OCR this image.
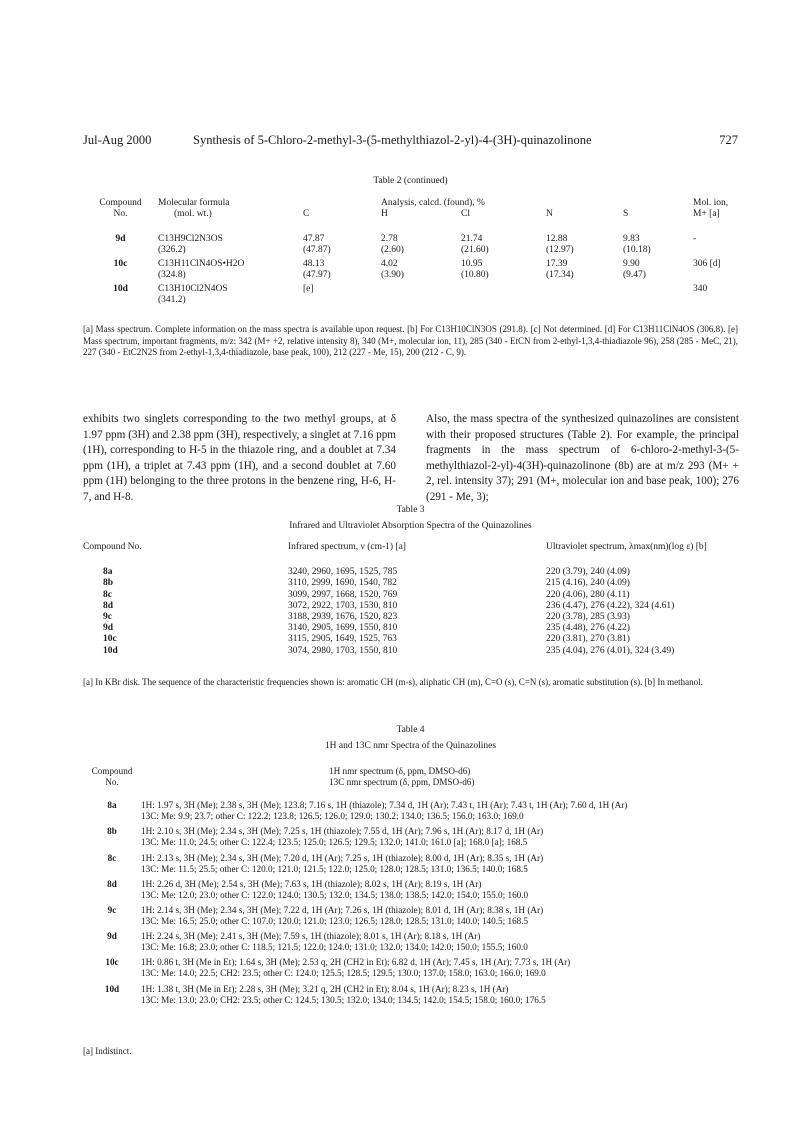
Jul-Aug 2000	Synthesis of 5-Chloro-2-methyl-3-(5-methylthiazol-2-yl)-4-(3H)-quinazolinone	727
Table 2 (continued)
Compound	Molecular formula		Analysis, calcd. (found), %				Mol. ion,
No.	(mol. wt.)	C	H	Cl	N	S	M+ [a]
9d	C13H9Cl2N3OS	47.87	2.78	21.74	12.88	9.83	-
	(326.2)	(47.87)	(2.60)	(21.60)	(12.97)	(10.18)	
10c	C13H11ClN4OS•H2O	48.13	4.02	10.95	17.39	9.90	306 [d]
	(324.8)	(47.97)	(3.90)	(10.80)	(17.34)	(9.47)	
10d	C13H10Cl2N4OS	[e]					340
	(341.2)						
[a] Mass spectrum. Complete information on the mass spectra is available upon request. [b] For C13H10ClN3OS (291.8). [c] Not determined. [d] For C13H11ClN4OS (306.8). [e] Mass spectrum, important fragments, m/z: 342 (M+ +2, relative intensity 8), 340 (M+, molecular ion, 11), 285 (340 - EtCN from 2-ethyl-1,3,4-thiadiazole 96), 258 (285 - MeC, 21), 227 (340 - EtC2N2S from 2-ethyl-1,3,4-thiadiazole, base peak, 100), 212 (227 - Me, 15), 200 (212 - C, 9).
exhibits two singlets corresponding to the two methyl groups, at δ 1.97 ppm (3H) and 2.38 ppm (3H), respectively, a singlet at 7.16 ppm (1H), corresponding to H-5 in the thiazole ring, and a doublet at 7.34 ppm (1H), a triplet at 7.43 ppm (1H), and a second doublet at 7.60 ppm (1H) belonging to the three protons in the benzene ring, H-6, H-7, and H-8.
Also, the mass spectra of the synthesized quinazolines are consistent with their proposed structures (Table 2). For example, the principal fragments in the mass spectrum of 6-chloro-2-methyl-3-(5-methylthiazol-2-yl)-4(3H)-quinazolinone (8b) are at m/z 293 (M+ + 2, rel. intensity 37); 291 (M+, molecular ion and base peak, 100); 276 (291 - Me, 3);
Table 3
Infrared and Ultraviolet Absorption Spectra of the Quinazolines
Compound No.	Infrared spectrum, ν (cm-1) [a]	Ultraviolet spectrum, λmax(nm)(log ε) [b]
8a	3240, 2960, 1695, 1525, 785	220 (3.79), 240 (4.09)
8b	3110, 2999, 1690, 1540, 782	215 (4.16), 240 (4.09)
8c	3099, 2997, 1668, 1520, 769	220 (4.06), 280 (4.11)
8d	3072, 2922, 1703, 1530, 810	236 (4.47), 276 (4.22), 324 (4.61)
9c	3188, 2939, 1676, 1520, 823	220 (3.78), 285 (3.93)
9d	3140, 2905, 1699, 1550, 810	235 (4.48), 276 (4.22)
10c	3115, 2905, 1649, 1525, 763	220 (3.81), 270 (3.81)
10d	3074, 2980, 1703, 1550, 810	235 (4.04), 276 (4.01), 324 (3.49)
[a] In KBr disk. The sequence of the characteristic frequencies shown is: aromatic CH (m-s), aliphatic CH (m), C=O (s), C=N (s), aromatic substitution (s). [b] In methanol.
Table 4
1H and 13C nmr Spectra of the Quinazolines
Compound	1H nmr spectrum (δ, ppm, DMSO-d6)
No.	13C nmr spectrum (δ, ppm, DMSO-d6)
8a	1H: 1.97 s, 3H (Me); 2.38 s, 3H (Me); 123.8; 7.16 s, 1H (thiazole); 7.34 d, 1H (Ar); 7.43 t, 1H (Ar); 7.43 t, 1H (Ar); 7.60 d, 1H (Ar)
	13C: Me: 9.9; 23.7; other C: 122.2; 123.8; 126.5; 126.0; 129.0; 130.2; 134.0; 136.5; 156.0; 163.0; 169.0
8b	1H: 2.10 s, 3H (Me); 2.34 s, 3H (Me); 7.25 s, 1H (thiazole); 7.55 d, 1H (Ar); 7.96 s, 1H (Ar); 8.17 d, 1H (Ar)
	13C: Me: 11.0; 24.5; other C: 122.4; 123.5; 125.0; 126.5; 129.5; 132.0; 141.0; 161.0 [a]; 168.0 [a]; 168.5
8c	1H: 2.13 s, 3H (Me); 2.34 s, 3H (Me); 7.20 d, 1H (Ar); 7.25 s, 1H (thiazole); 8.00 d, 1H (Ar); 8.35 s, 1H (Ar)
	13C: Me: 11.5; 25.5; other C: 120.0; 121.0; 121.5; 122.0; 125.0; 128.0; 128.5; 131.0; 136.5; 140.0; 168.5
8d	1H: 2.26 d, 3H (Me); 2.54 s, 3H (Me); 7.63 s, 1H (thiazole); 8.02 s, 1H (Ar); 8.19 s, 1H (Ar)
	13C: Me: 12.0; 23.0; other C: 122.0; 124.0; 130.5; 132.0; 134.5; 138.0; 138.5; 142.0; 154.0; 155.0; 160.0
9c	1H: 2.14 s, 3H (Me); 2.34 s, 3H (Me); 7.22 d, 1H (Ar); 7.26 s, 1H (thiazole); 8.01 d, 1H (Ar); 8.38 s, 1H (Ar)
	13C: Me: 16.5; 25.0; other C: 107.0; 120.0; 121.0; 123.0; 126.5; 128.0; 128.5; 131.0; 140.0; 140.5; 168.5
9d	1H: 2.24 s, 3H (Me); 2.41 s, 3H (Me); 7.59 s, 1H (thiazole); 8.01 s, 1H (Ar); 8.18 s, 1H (Ar)
	13C: Me: 16.8; 23.0; other C: 118.5; 121.5; 122.0; 124.0; 131.0; 132.0; 134.0; 142.0; 150.0; 155.5; 160.0
10c	1H: 0.86 t, 3H (Me in Et); 1.64 s, 3H (Me); 2.53 q, 2H (CH2 in Et); 6.82 d, 1H (Ar); 7.45 s, 1H (Ar); 7.73 s, 1H (Ar)
	13C: Me: 14.0; 22.5; CH2: 23.5; other C: 124.0; 125.5; 128.5; 129.5; 130.0; 137.0; 158.0; 163.0; 166.0; 169.0
10d	1H: 1.38 t, 3H (Me in Et); 2.28 s, 3H (Me); 3.21 q, 2H (CH2 in Et); 8.04 s, 1H (Ar); 8.23 s, 1H (Ar)
	13C: Me: 13.0; 23.0; CH2: 23.5; other C: 124.5; 130.5; 132.0; 134.0; 134.5; 142.0; 154.5; 158.0; 160.0; 176.5
[a] Indistinct.
